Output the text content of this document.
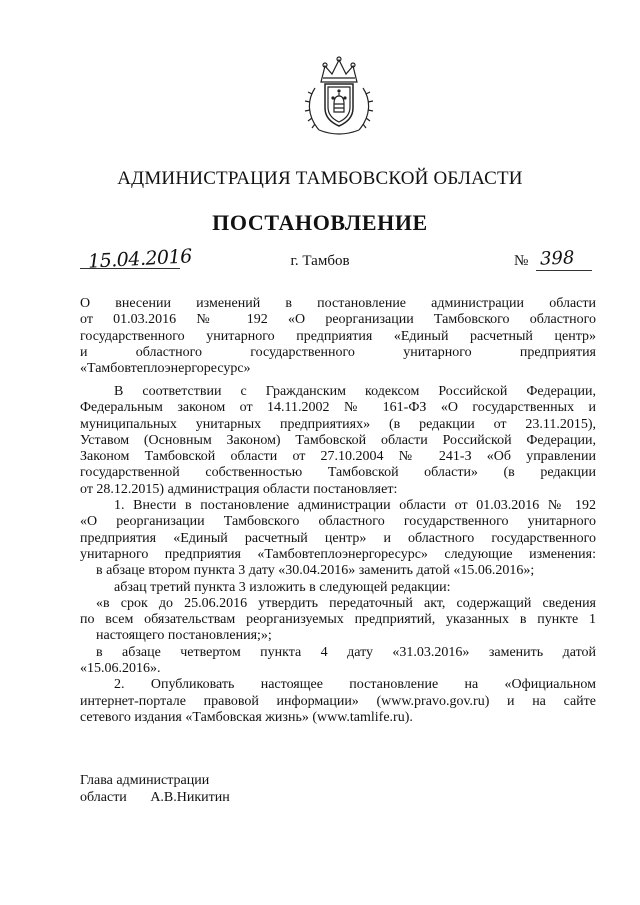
АДМИНИСТРАЦИЯ ТАМБОВСКОЙ ОБЛАСТИ
ПОСТАНОВЛЕНИЕ
15.04.2016	г. Тамбов	№ 398
О внесении изменений в постановление администрации области
от 01.03.2016 № 192 «О реорганизации Тамбовского областного
государственного унитарного предприятия «Единый расчетный центр»
и областного государственного унитарного предприятия
«Тамбовтеплоэнергоресурс»
В соответствии с Гражданским кодексом Российской Федерации,
Федеральным законом от 14.11.2002 № 161-ФЗ «О государственных и
муниципальных унитарных предприятиях» (в редакции от 23.11.2015),
Уставом (Основным Законом) Тамбовской области Российской Федерации,
Законом Тамбовской области от 27.10.2004 № 241-З «Об управлении
государственной собственностью Тамбовской области» (в редакции
от 28.12.2015) администрация области постановляет:
1. Внести в постановление администрации области от 01.03.2016 № 192
«О реорганизации Тамбовского областного государственного унитарного
предприятия «Единый расчетный центр» и областного государственного
унитарного предприятия «Тамбовтеплоэнергоресурс» следующие изменения:
в абзаце втором пункта 3 дату «30.04.2016» заменить датой «15.06.2016»;
абзац третий пункта 3 изложить в следующей редакции:
«в срок до 25.06.2016 утвердить передаточный акт, содержащий сведения
по всем обязательствам реорганизуемых предприятий, указанных в пункте 1
настоящего постановления;»;
в абзаце четвертом пункта 4 дату «31.03.2016» заменить датой
«15.06.2016».
2. Опубликовать настоящее постановление на «Официальном
интернет-портале правовой информации» (www.pravo.gov.ru) и на сайте
сетевого издания «Тамбовская жизнь» (www.tamlife.ru).
Глава администрации
области А.В.Никитин
